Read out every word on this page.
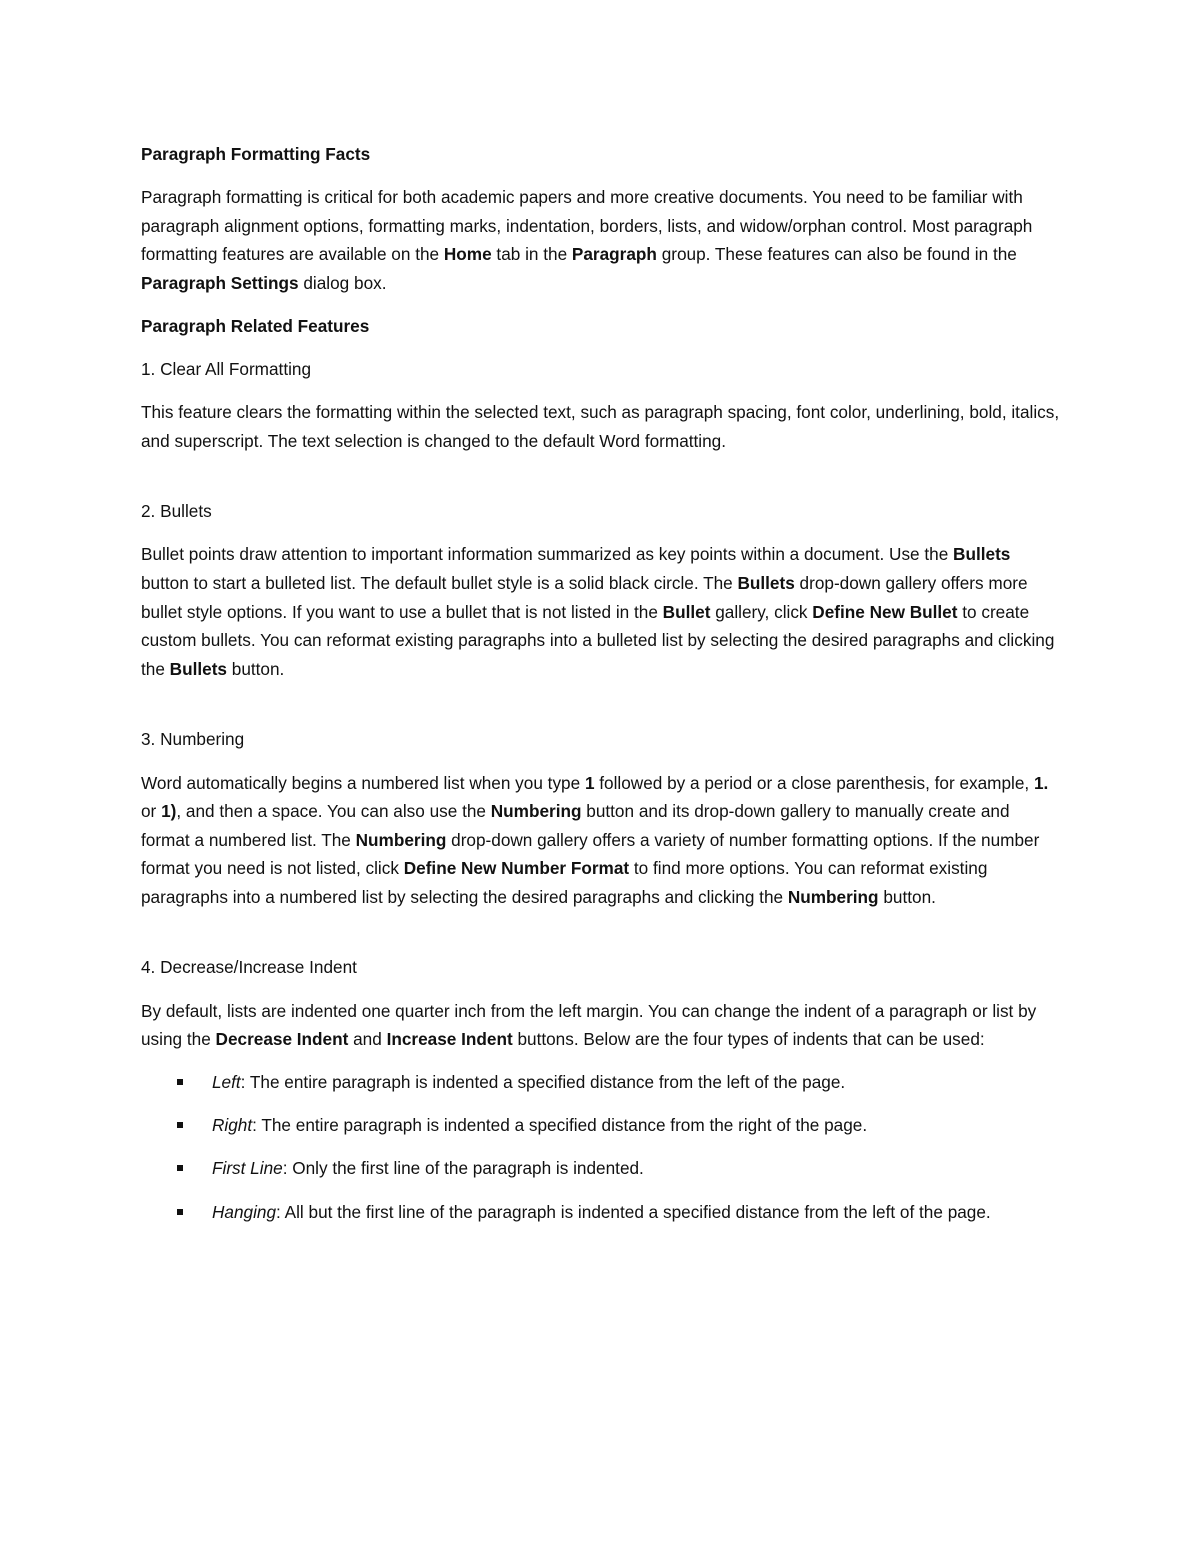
Paragraph Formatting Facts

Paragraph formatting is critical for both academic papers and more creative documents. You need to be familiar with paragraph alignment options, formatting marks, indentation, borders, lists, and widow/orphan control. Most paragraph formatting features are available on the Home tab in the Paragraph group. These features can also be found in the Paragraph Settings dialog box.

Paragraph Related Features

1. Clear All Formatting

This feature clears the formatting within the selected text, such as paragraph spacing, font color, underlining, bold, italics, and superscript. The text selection is changed to the default Word formatting.

2. Bullets

Bullet points draw attention to important information summarized as key points within a document. Use the Bullets button to start a bulleted list. The default bullet style is a solid black circle. The Bullets drop-down gallery offers more bullet style options. If you want to use a bullet that is not listed in the Bullet gallery, click Define New Bullet to create custom bullets. You can reformat existing paragraphs into a bulleted list by selecting the desired paragraphs and clicking the Bullets button.

3. Numbering

Word automatically begins a numbered list when you type 1 followed by a period or a close parenthesis, for example, 1. or 1), and then a space. You can also use the Numbering button and its drop-down gallery to manually create and format a numbered list. The Numbering drop-down gallery offers a variety of number formatting options. If the number format you need is not listed, click Define New Number Format to find more options. You can reformat existing paragraphs into a numbered list by selecting the desired paragraphs and clicking the Numbering button.

4. Decrease/Increase Indent

By default, lists are indented one quarter inch from the left margin. You can change the indent of a paragraph or list by using the Decrease Indent and Increase Indent buttons. Below are the four types of indents that can be used:

Left: The entire paragraph is indented a specified distance from the left of the page.
Right: The entire paragraph is indented a specified distance from the right of the page.
First Line: Only the first line of the paragraph is indented.
Hanging: All but the first line of the paragraph is indented a specified distance from the left of the page.
